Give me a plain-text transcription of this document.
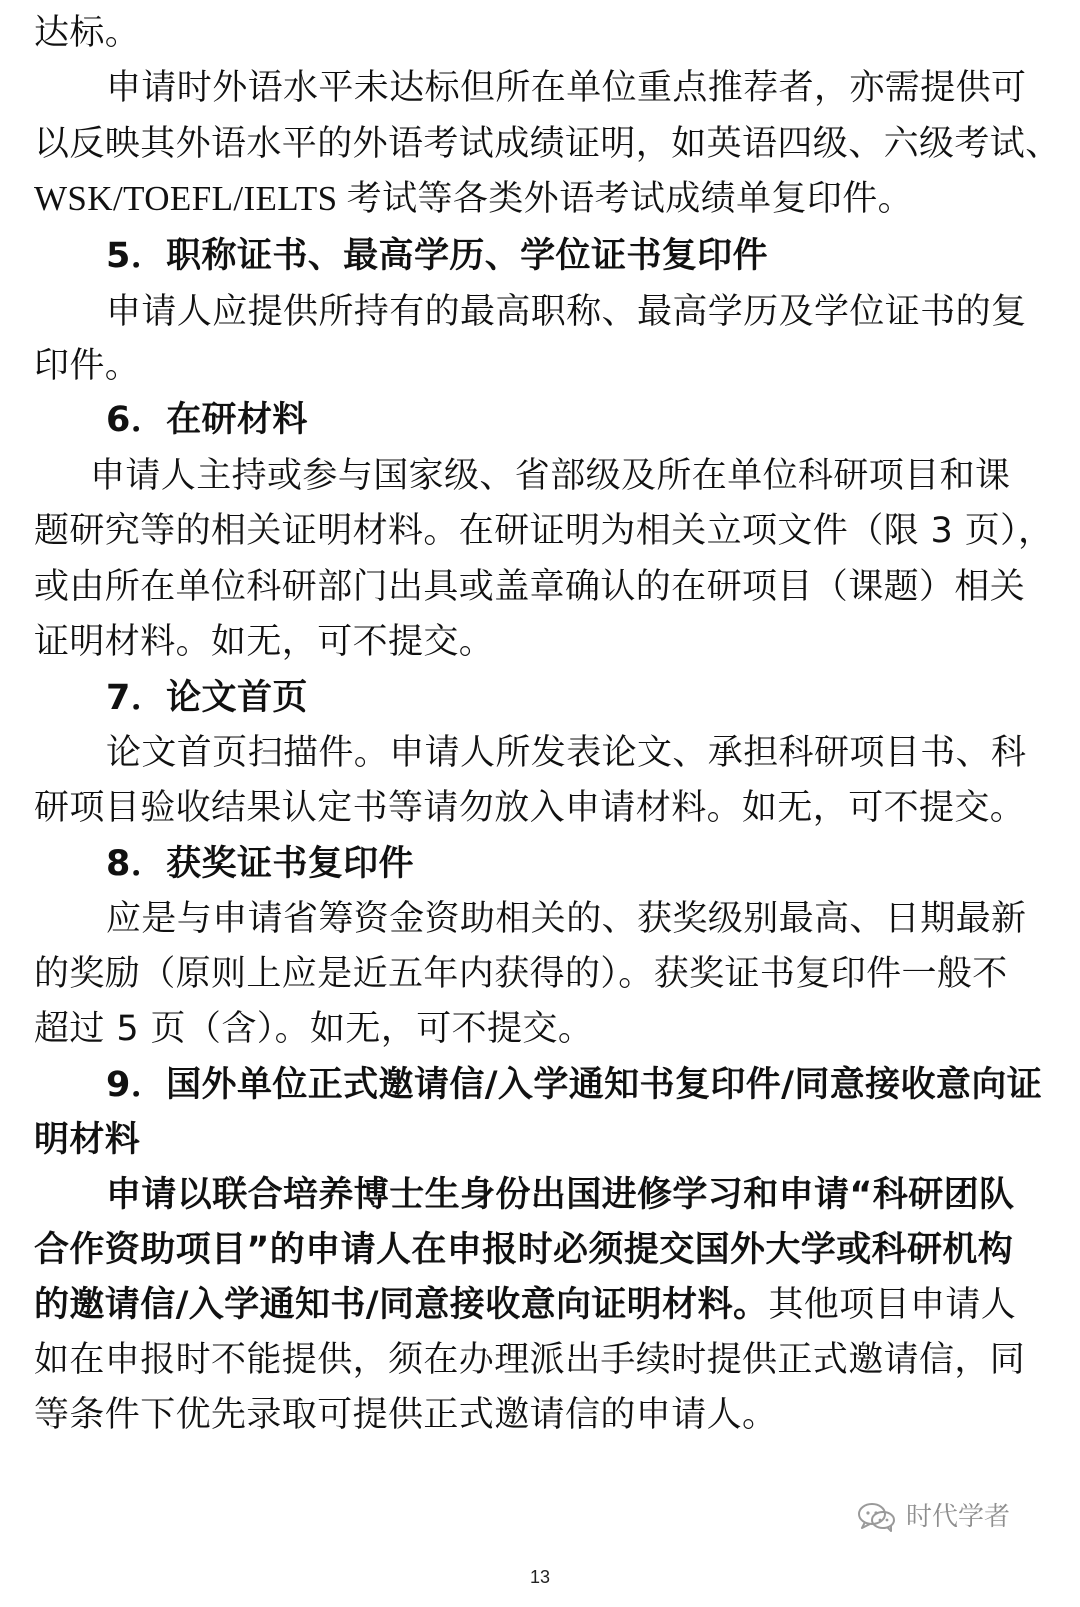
达标。
申请时外语水平未达标但所在单位重点推荐者，亦需提供可
以反映其外语水平的外语考试成绩证明，如英语四级、六级考试、
WSK/TOEFL/IELTS 考试等各类外语考试成绩单复印件。
5．职称证书、最高学历、学位证书复印件
申请人应提供所持有的最高职称、最高学历及学位证书的复
印件。
6．在研材料
申请人主持或参与国家级、省部级及所在单位科研项目和课
题研究等的相关证明材料。在研证明为相关立项文件（限 3 页），
或由所在单位科研部门出具或盖章确认的在研项目（课题）相关
证明材料。如无，可不提交。
7．论文首页
论文首页扫描件。申请人所发表论文、承担科研项目书、科
研项目验收结果认定书等请勿放入申请材料。如无，可不提交。
8．获奖证书复印件
应是与申请省筹资金资助相关的、获奖级别最高、日期最新
的奖励（原则上应是近五年内获得的）。获奖证书复印件一般不
超过 5 页（含）。如无，可不提交。
9．国外单位正式邀请信/入学通知书复印件/同意接收意向证
明材料
申请以联合培养博士生身份出国进修学习和申请“科研团队
合作资助项目”的申请人在申报时必须提交国外大学或科研机构
的邀请信/入学通知书/同意接收意向证明材料。其他项目申请人
如在申报时不能提供，须在办理派出手续时提供正式邀请信，同
等条件下优先录取可提供正式邀请信的申请人。
时代学者
13
